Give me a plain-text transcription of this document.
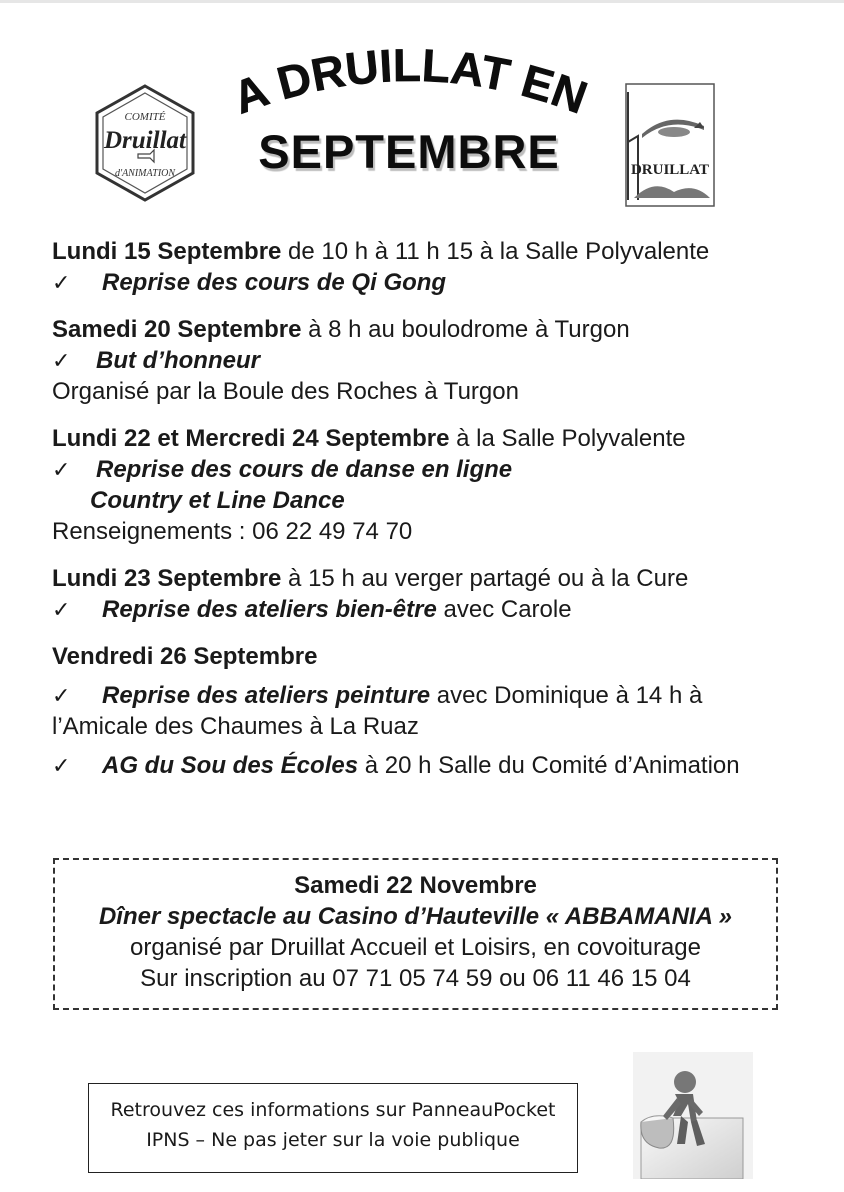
COMITÉ
Druillat
d'ANIMATION
A DRUILLAT EN
SEPTEMBRE	DRUILLAT
Lundi 15 Septembre de 10 h à 11 h 15 à la Salle Polyvalente
✓ Reprise des cours de Qi Gong
Samedi 20 Septembre à 8 h au boulodrome à Turgon
✓ But d’honneur
Organisé par la Boule des Roches à Turgon
Lundi 22 et Mercredi 24 Septembre à la Salle Polyvalente
✓ Reprise des cours de danse en ligne
Country et Line Dance
Renseignements : 06 22 49 74 70
Lundi 23 Septembre à 15 h au verger partagé ou à la Cure
✓ Reprise des ateliers bien-être avec Carole
Vendredi 26 Septembre
✓ Reprise des ateliers peinture avec Dominique à 14 h à
l’Amicale des Chaumes à La Ruaz
✓ AG du Sou des Écoles à 20 h Salle du Comité d’Animation
Samedi 22 Novembre
Dîner spectacle au Casino d’Hauteville « ABBAMANIA »
organisé par Druillat Accueil et Loisirs, en covoiturage
Sur inscription au 07 71 05 74 59 ou 06 11 46 15 04
Retrouvez ces informations sur PanneauPocket
IPNS – Ne pas jeter sur la voie publique
